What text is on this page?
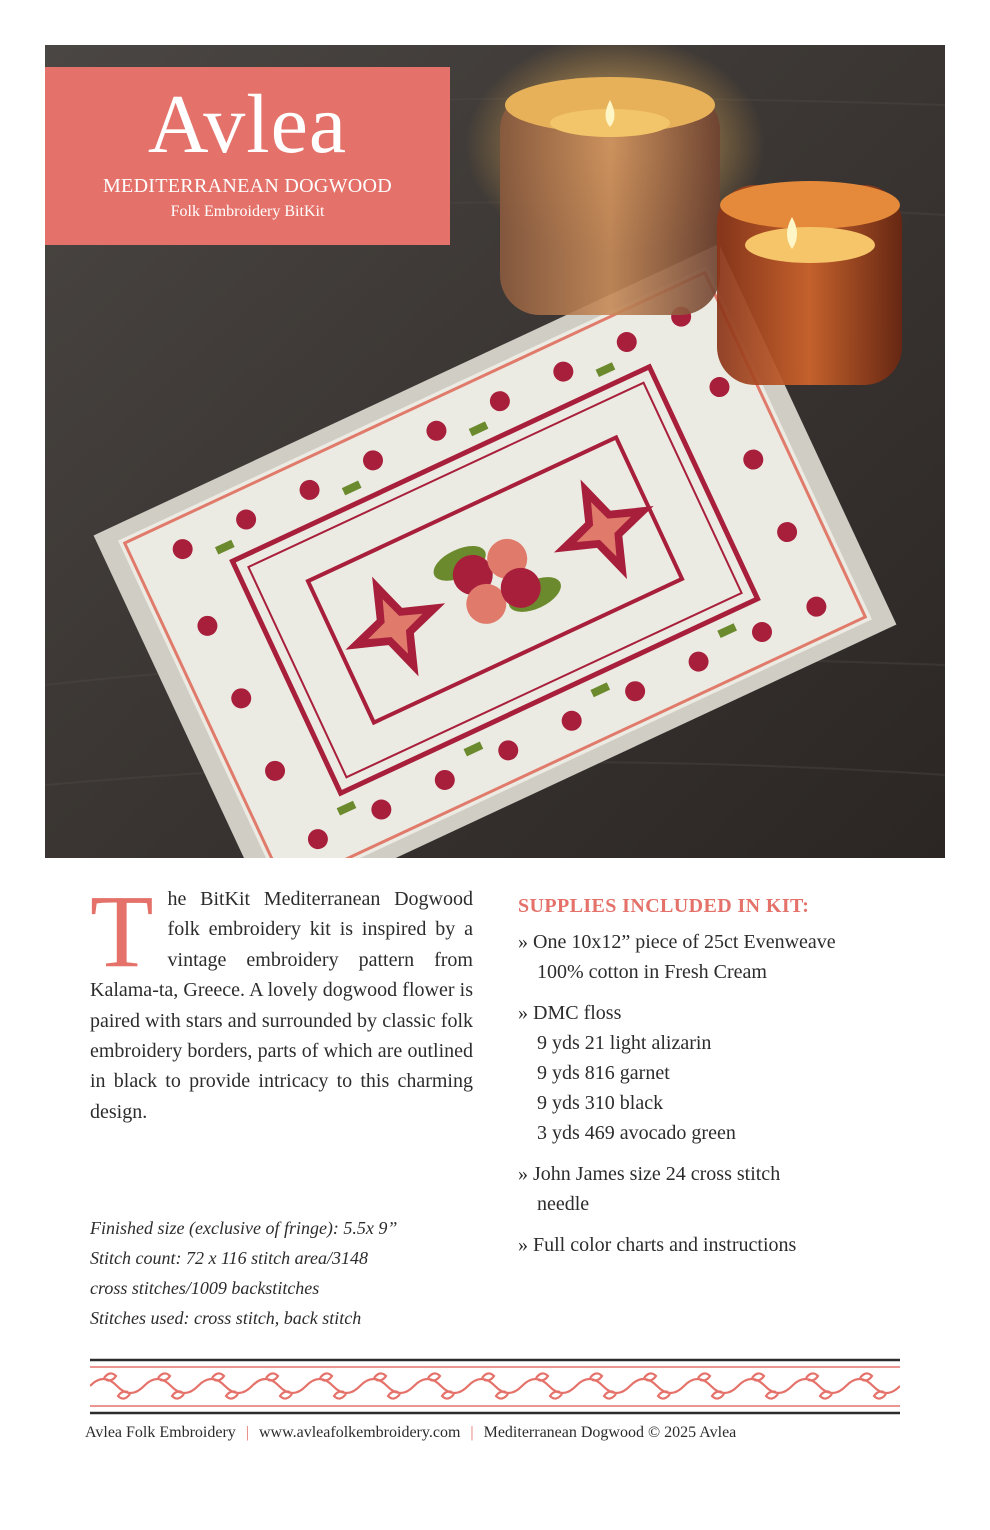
Avlea
MEDITERRANEAN DOGWOOD
Folk Embroidery BitKit
The BitKit Mediterranean Dogwood folk embroidery kit is inspired by a vintage embroidery pattern from Kalama-ta, Greece. A lovely dogwood flower is paired with stars and surrounded by classic folk embroidery borders, parts of which are outlined in black to provide intricacy to this charming design.
Finished size (exclusive of fringe): 5.5x 9”
Stitch count: 72 x 116 stitch area/3148
cross stitches/1009 backstitches
Stitches used: cross stitch, back stitch
SUPPLIES INCLUDED IN KIT:
» One 10x12” piece of 25ct Evenweave
100% cotton in Fresh Cream
» DMC floss
9 yds 21 light alizarin
9 yds 816 garnet
9 yds 310 black
3 yds 469 avocado green
» John James size 24 cross stitch
needle
» Full color charts and instructions
Avlea Folk Embroidery | www.avleafolkembroidery.com | Mediterranean Dogwood © 2025 Avlea
